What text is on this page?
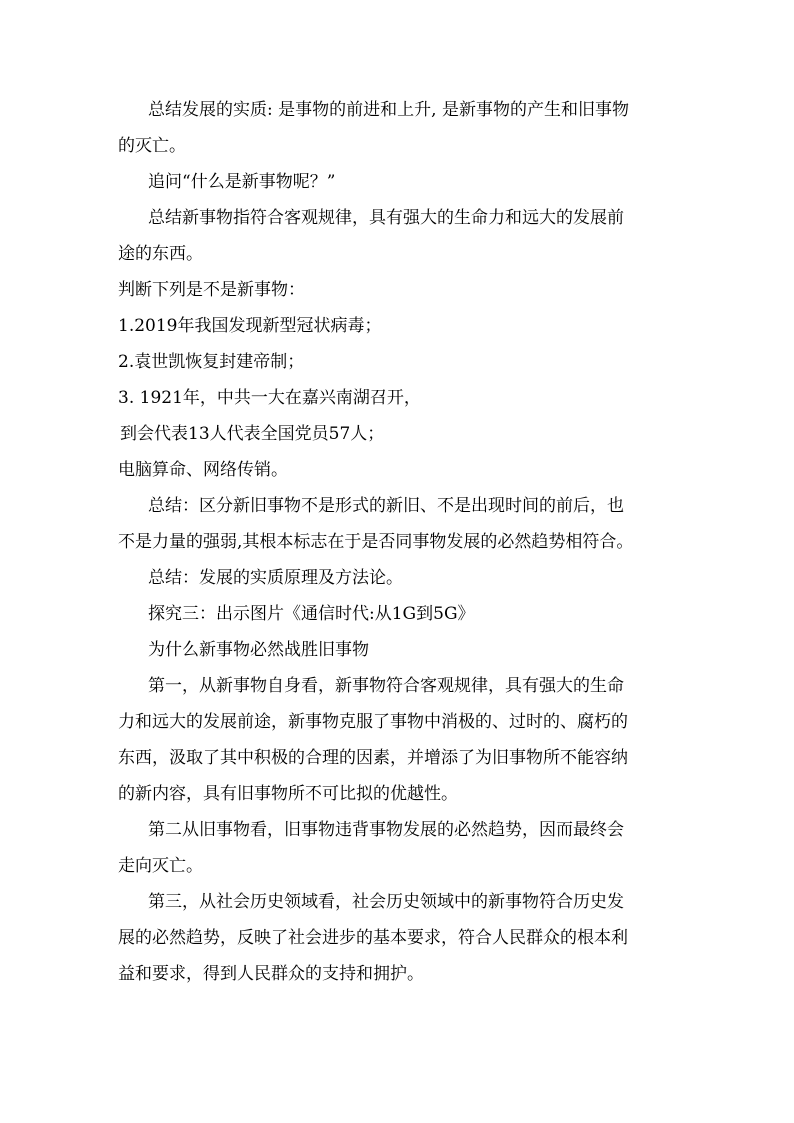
总结发展的实质: 是事物的前进和上升, 是新事物的产生和旧事物
的灭亡。

追问“什么是新事物呢？”

总结新事物指符合客观规律，具有强大的生命力和远大的发展前
途的东西。

判断下列是不是新事物：

1.2019年我国发现新型冠状病毒；

2.袁世凯恢复封建帝制；

3. 1921年，中共一大在嘉兴南湖召开，

到会代表13人代表全国党员57人；

电脑算命、网络传销。

总结：区分新旧事物不是形式的新旧、不是出现时间的前后，也
不是力量的强弱,其根本标志在于是否同事物发展的必然趋势相符合。

总结：发展的实质原理及方法论。

探究三：出示图片《通信时代:从1G到5G》

为什么新事物必然战胜旧事物

第一，从新事物自身看，新事物符合客观规律，具有强大的生命
力和远大的发展前途，新事物克服了事物中消极的、过时的、腐朽的
东西，汲取了其中积极的合理的因素，并增添了为旧事物所不能容纳
的新内容，具有旧事物所不可比拟的优越性。

第二从旧事物看，旧事物违背事物发展的必然趋势，因而最终会
走向灭亡。

第三，从社会历史领域看，社会历史领域中的新事物符合历史发
展的必然趋势，反映了社会进步的基本要求，符合人民群众的根本利
益和要求，得到人民群众的支持和拥护。
